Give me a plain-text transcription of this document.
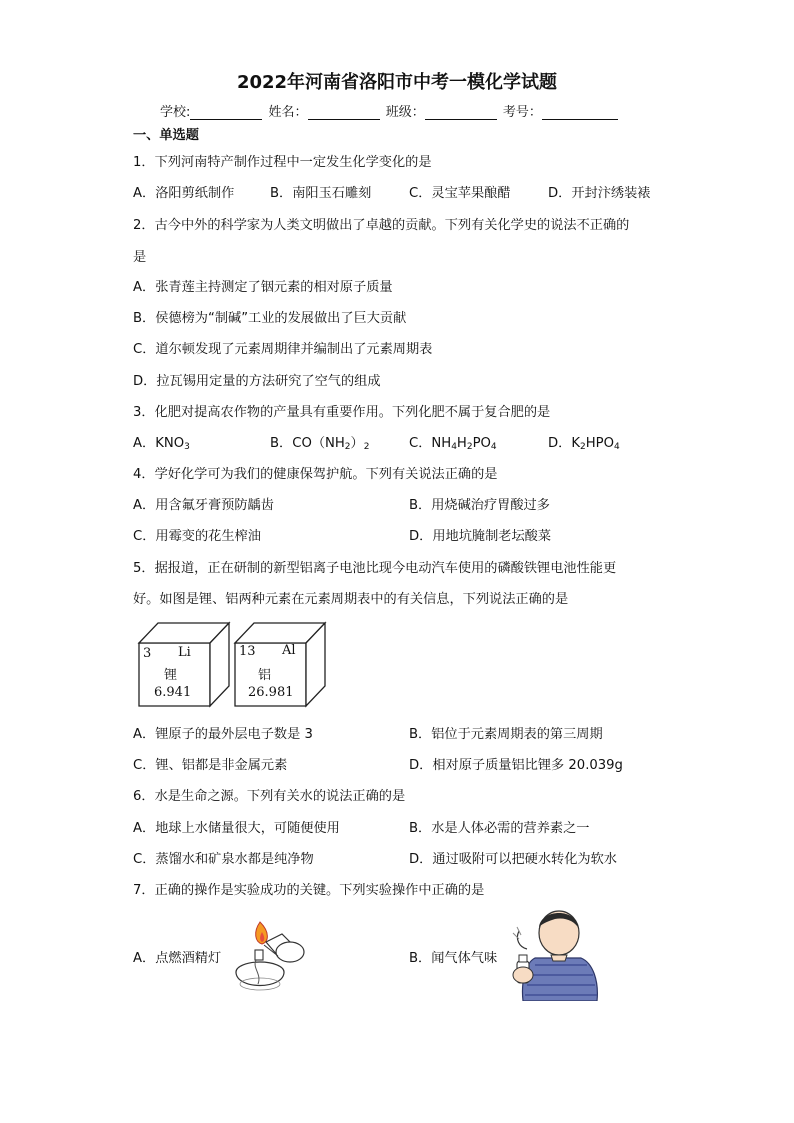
2022年河南省洛阳市中考一模化学试题
学校:	姓名：	班级：	考号：
一、单选题
1．下列河南特产制作过程中一定发生化学变化的是
A．洛阳剪纸制作	B．南阳玉石雕刻	C．灵宝苹果酿醋	D．开封汴绣装裱
2．古今中外的科学家为人类文明做出了卓越的贡献。下列有关化学史的说法不正确的
是
A．张青莲主持测定了铟元素的相对原子质量
B．侯德榜为“制碱”工业的发展做出了巨大贡献
C．道尔顿发现了元素周期律并编制出了元素周期表
D．拉瓦锡用定量的方法研究了空气的组成
3．化肥对提高农作物的产量具有重要作用。下列化肥不属于复合肥的是
A．$KNO_3$	B．$CO(NH_2)_2$	C．$NH_4H_2PO_4$	D．$K_2HPO_4$
4．学好化学可为我们的健康保驾护航。下列有关说法正确的是
A．用含氟牙膏预防龋齿	B．用烧碱治疗胃酸过多
C．用霉变的花生榨油	D．用地坑腌制老坛酸菜
5．据报道，正在研制的新型铝离子电池比现今电动汽车使用的磷酸铁锂电池性能更
好。如图是锂、铝两种元素在元素周期表中的有关信息，下列说法正确的是
3 Li
锂
6.941
13 Al
铝
26.981
A．锂原子的最外层电子数是 3	B．铝位于元素周期表的第三周期
C．锂、铝都是非金属元素	D．相对原子质量铝比锂多 20.039g
6．水是生命之源。下列有关水的说法正确的是
A．地球上水储量很大，可随便使用	B．水是人体必需的营养素之一
C．蒸馏水和矿泉水都是纯净物	D．通过吸附可以把硬水转化为软水
7．正确的操作是实验成功的关键。下列实验操作中正确的是
A．点燃酒精灯	B．闻气体气味
